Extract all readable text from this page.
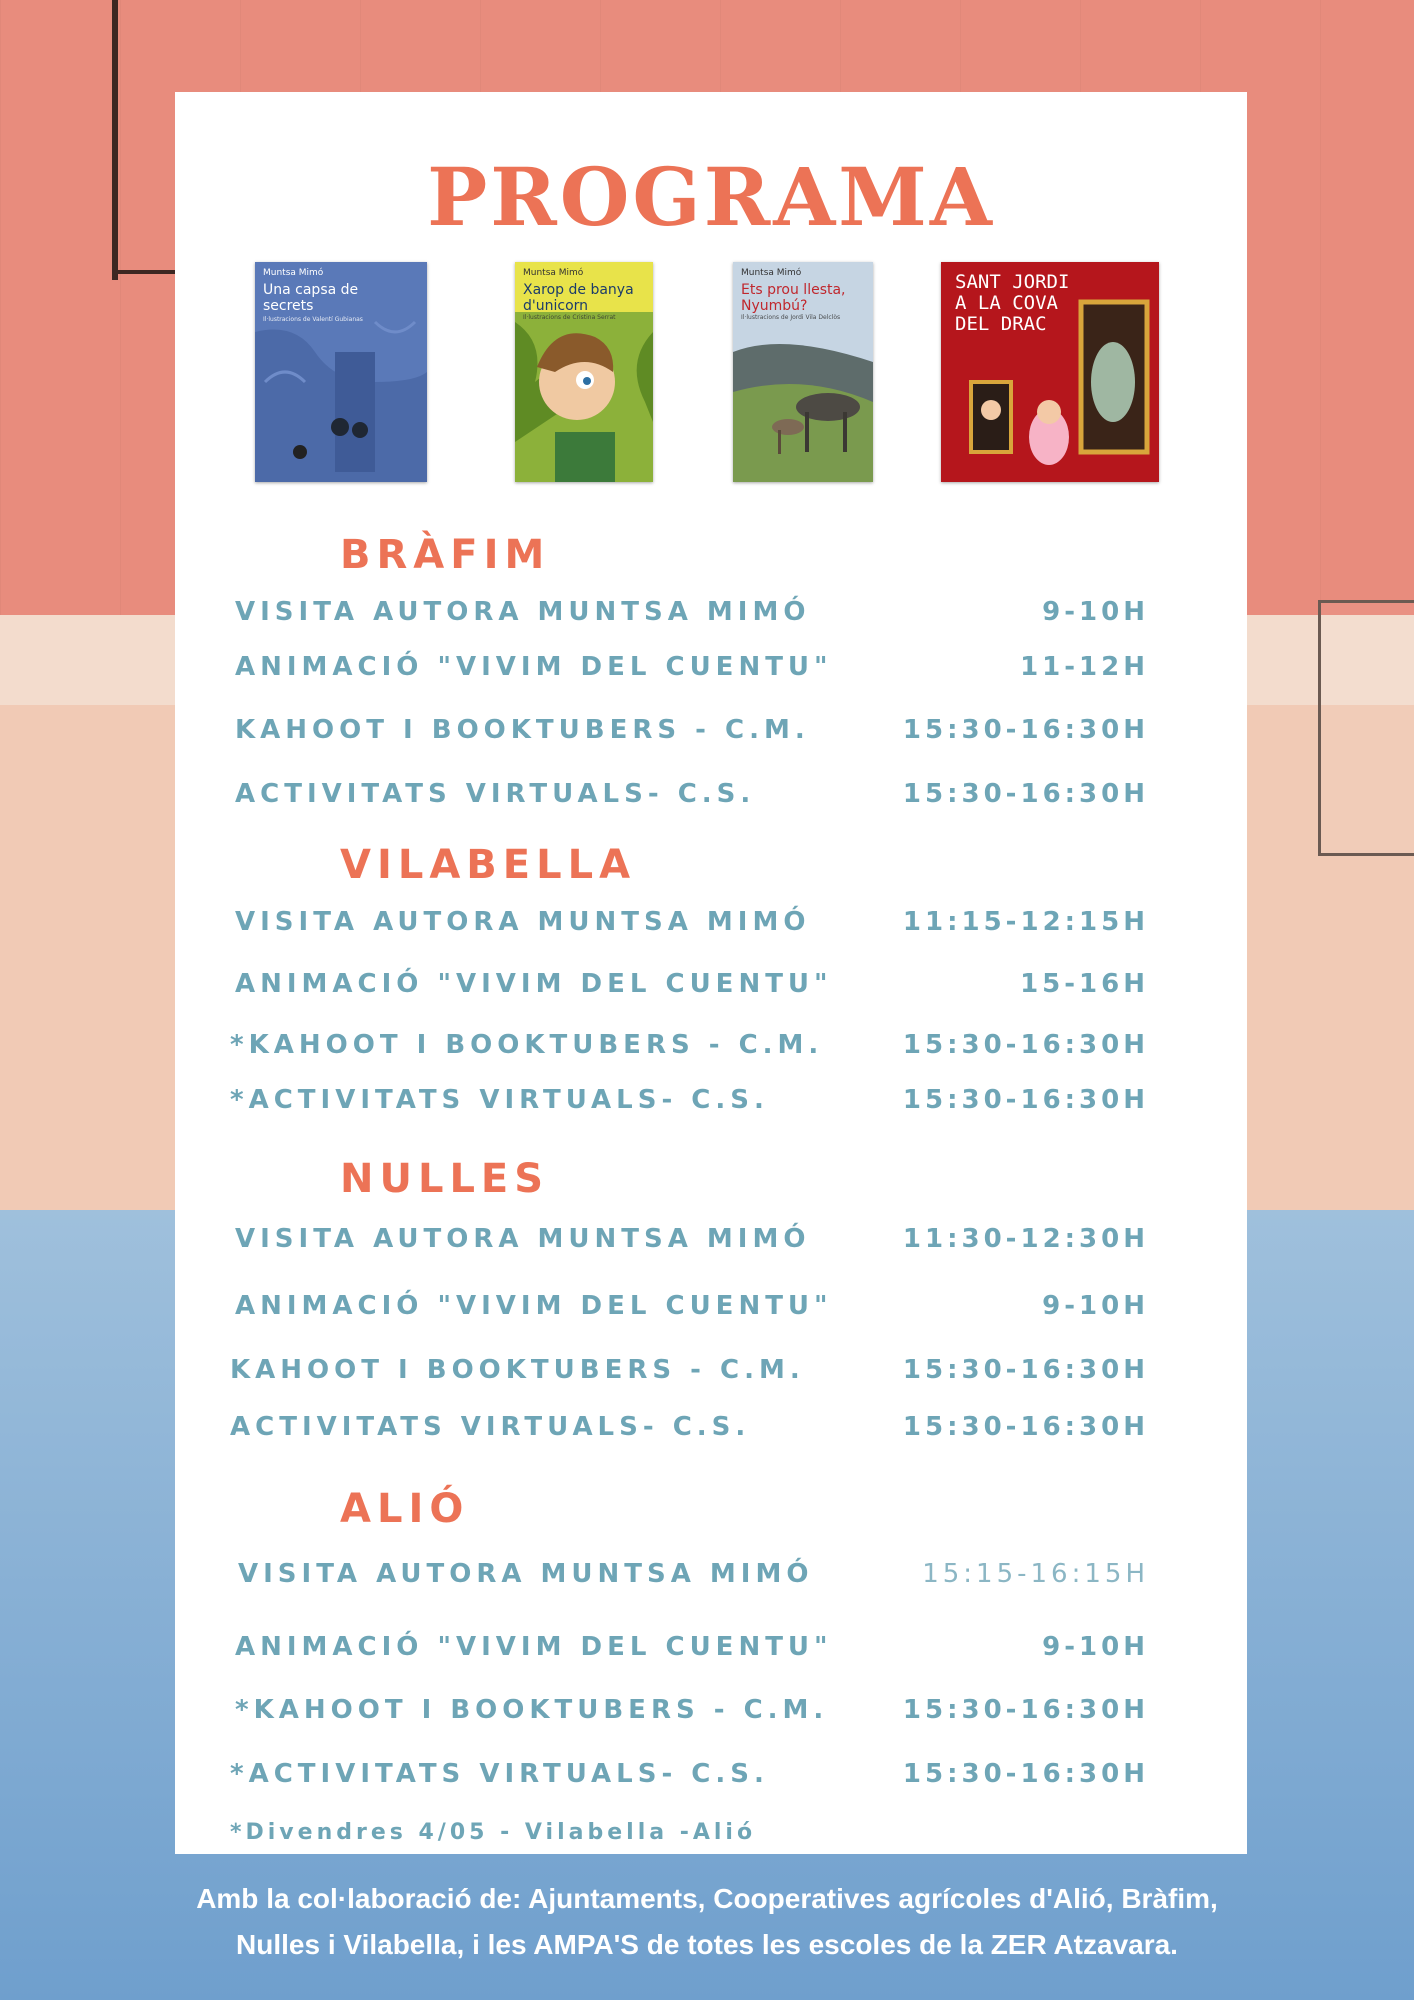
PROGRAMA
Muntsa Mimó
Una capsa de secrets
Il·lustracions de Valentí Gubianas
Muntsa Mimó
Xarop de banya d'unicorn
Il·lustracions de Cristina Serrat
Muntsa Mimó
Ets prou llesta, Nyumbú?
Il·lustracions de Jordi Vila Delclòs
SANT JORDI A LA COVA DEL DRAC
BRÀFIM
VISITA AUTORA MUNTSA MIMÓ	9-10H
ANIMACIÓ "VIVIM DEL CUENTU"	11-12H
KAHOOT I BOOKTUBERS - C.M.	15:30-16:30H
ACTIVITATS VIRTUALS- C.S.	15:30-16:30H
VILABELLA
VISITA AUTORA MUNTSA MIMÓ	11:15-12:15H
ANIMACIÓ "VIVIM DEL CUENTU"	15-16H
*KAHOOT I BOOKTUBERS - C.M.	15:30-16:30H
*ACTIVITATS VIRTUALS- C.S.	15:30-16:30H
NULLES
VISITA AUTORA MUNTSA MIMÓ	11:30-12:30H
ANIMACIÓ "VIVIM DEL CUENTU"	9-10H
KAHOOT I BOOKTUBERS - C.M.	15:30-16:30H
ACTIVITATS VIRTUALS- C.S.	15:30-16:30H
ALIÓ
VISITA AUTORA MUNTSA MIMÓ	15:15-16:15H
ANIMACIÓ "VIVIM DEL CUENTU"	9-10H
*KAHOOT I BOOKTUBERS - C.M.	15:30-16:30H
*ACTIVITATS VIRTUALS- C.S.	15:30-16:30H
*Divendres 4/05 - Vilabella -Alió
Amb la col·laboració de: Ajuntaments, Cooperatives agrícoles d'Alió, Bràfim,
Nulles i Vilabella, i les AMPA'S de totes les escoles de la ZER Atzavara.
